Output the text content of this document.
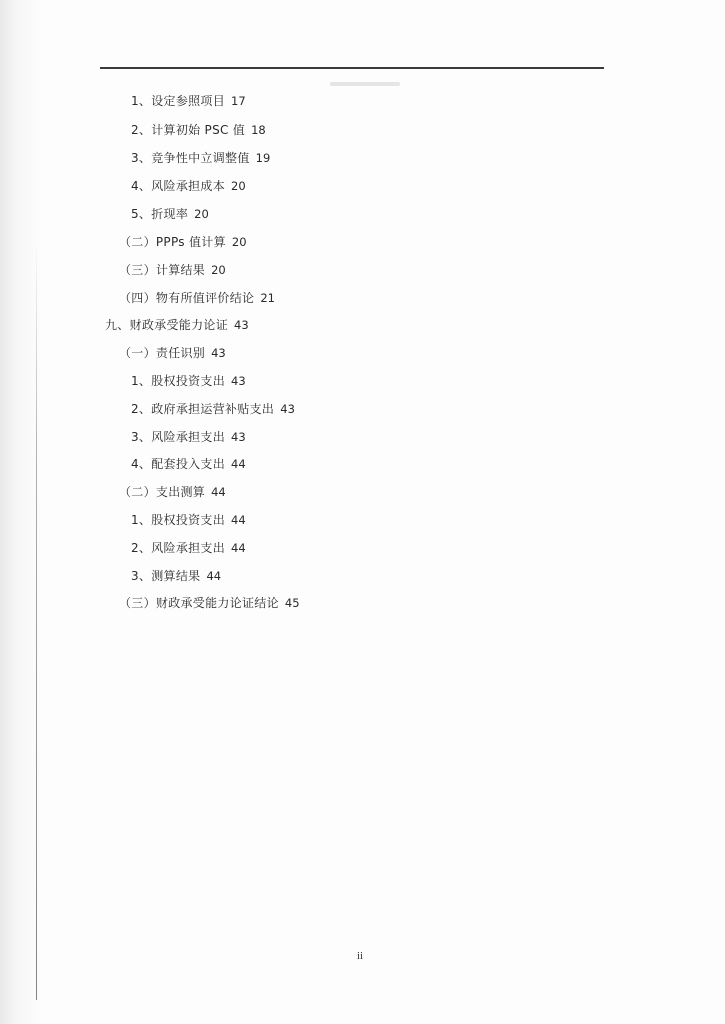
1、设定参照项目 17
2、计算初始 PSC 值 18
3、竞争性中立调整值 19
4、风险承担成本 20
5、折现率 20
（二）PPPs 值计算 20
（三）计算结果 20
（四）物有所值评价结论 21
九、财政承受能力论证 43
（一）责任识别 43
1、股权投资支出 43
2、政府承担运营补贴支出 43
3、风险承担支出 43
4、配套投入支出 44
（二）支出测算 44
1、股权投资支出 44
2、风险承担支出 44
3、测算结果 44
（三）财政承受能力论证结论 45
ii
